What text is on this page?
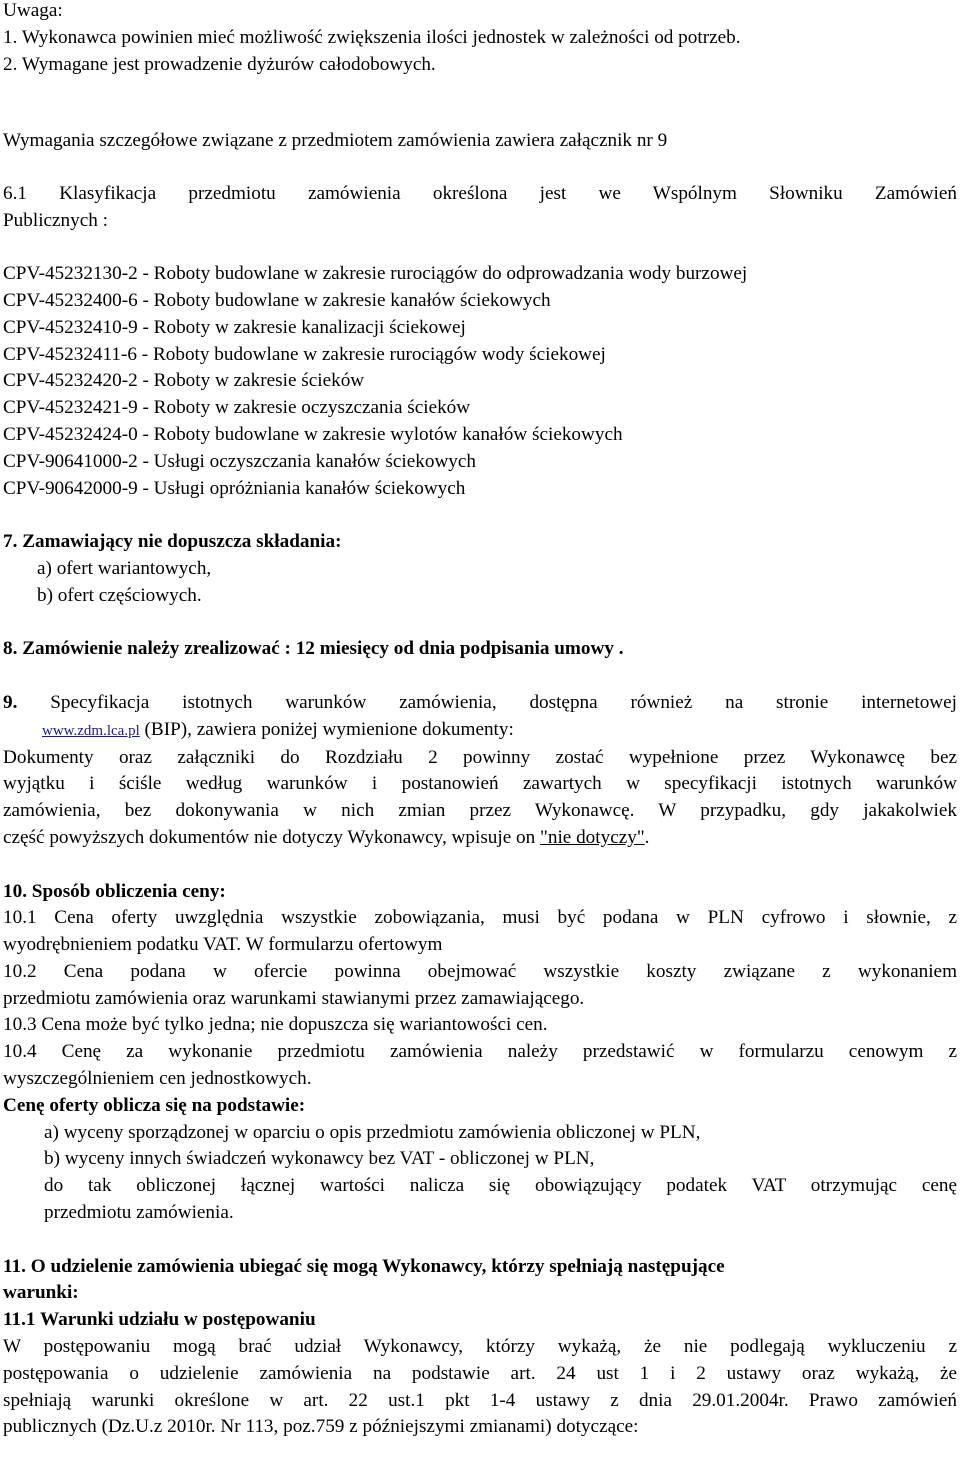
Uwaga:

1. Wykonawca powinien mieć możliwość zwiększenia ilości jednostek w zależności od potrzeb.

2. Wymagane jest prowadzenie dyżurów całodobowych.

Wymagania szczegółowe związane z przedmiotem zamówienia zawiera załącznik nr 9

6.1 Klasyfikacja przedmiotu zamówienia określona jest we Wspólnym Słowniku Zamówień

Publicznych :

CPV-45232130-2 - Roboty budowlane w zakresie rurociągów do odprowadzania wody burzowej

CPV-45232400-6 - Roboty budowlane w zakresie kanałów ściekowych

CPV-45232410-9 - Roboty w zakresie kanalizacji ściekowej

CPV-45232411-6 - Roboty budowlane w zakresie rurociągów wody ściekowej

CPV-45232420-2 - Roboty w zakresie ścieków

CPV-45232421-9 - Roboty w zakresie oczyszczania ścieków

CPV-45232424-0 - Roboty budowlane w zakresie wylotów kanałów ściekowych

CPV-90641000-2 - Usługi oczyszczania kanałów ściekowych

CPV-90642000-9 - Usługi opróżniania kanałów ściekowych

7. Zamawiający nie dopuszcza składania:

a) ofert wariantowych,

b) ofert częściowych.

8. Zamówienie należy zrealizować : 12 miesięcy od dnia podpisania umowy .

9. Specyfikacja istotnych warunków zamówienia, dostępna również na stronie internetowej

www.zdm.lca.pl (BIP), zawiera poniżej wymienione dokumenty:

Dokumenty oraz załączniki do Rozdziału 2 powinny zostać wypełnione przez Wykonawcę bez

wyjątku i ściśle według warunków i postanowień zawartych w specyfikacji istotnych warunków

zamówienia, bez dokonywania w nich zmian przez Wykonawcę. W przypadku, gdy jakakolwiek

część powyższych dokumentów nie dotyczy Wykonawcy, wpisuje on "nie dotyczy".

10. Sposób obliczenia ceny:

10.1 Cena oferty uwzględnia wszystkie zobowiązania, musi być podana w PLN cyfrowo i słownie, z

wyodrębnieniem podatku VAT. W formularzu ofertowym

10.2 Cena podana w ofercie powinna obejmować wszystkie koszty związane z wykonaniem

przedmiotu zamówienia oraz warunkami stawianymi przez zamawiającego.

10.3 Cena może być tylko jedna; nie dopuszcza się wariantowości cen.

10.4 Cenę za wykonanie przedmiotu zamówienia należy przedstawić w formularzu cenowym z

wyszczególnieniem cen jednostkowych.

Cenę oferty oblicza się na podstawie:

a) wyceny sporządzonej w oparciu o opis przedmiotu zamówienia obliczonej w PLN,

b) wyceny innych świadczeń wykonawcy bez VAT - obliczonej w PLN,

do tak obliczonej łącznej wartości nalicza się obowiązujący podatek VAT otrzymując cenę

przedmiotu zamówienia.

11. O udzielenie zamówienia ubiegać się mogą Wykonawcy, którzy spełniają następujące

warunki:

11.1 Warunki udziału w postępowaniu

W postępowaniu mogą brać udział Wykonawcy, którzy wykażą, że nie podlegają wykluczeniu z

postępowania o udzielenie zamówienia na podstawie art. 24 ust 1 i 2 ustawy oraz wykażą, że

spełniają warunki określone w art. 22 ust.1 pkt 1-4 ustawy z dnia 29.01.2004r. Prawo zamówień

publicznych (Dz.U.z 2010r. Nr 113, poz.759 z późniejszymi zmianami) dotyczące:
